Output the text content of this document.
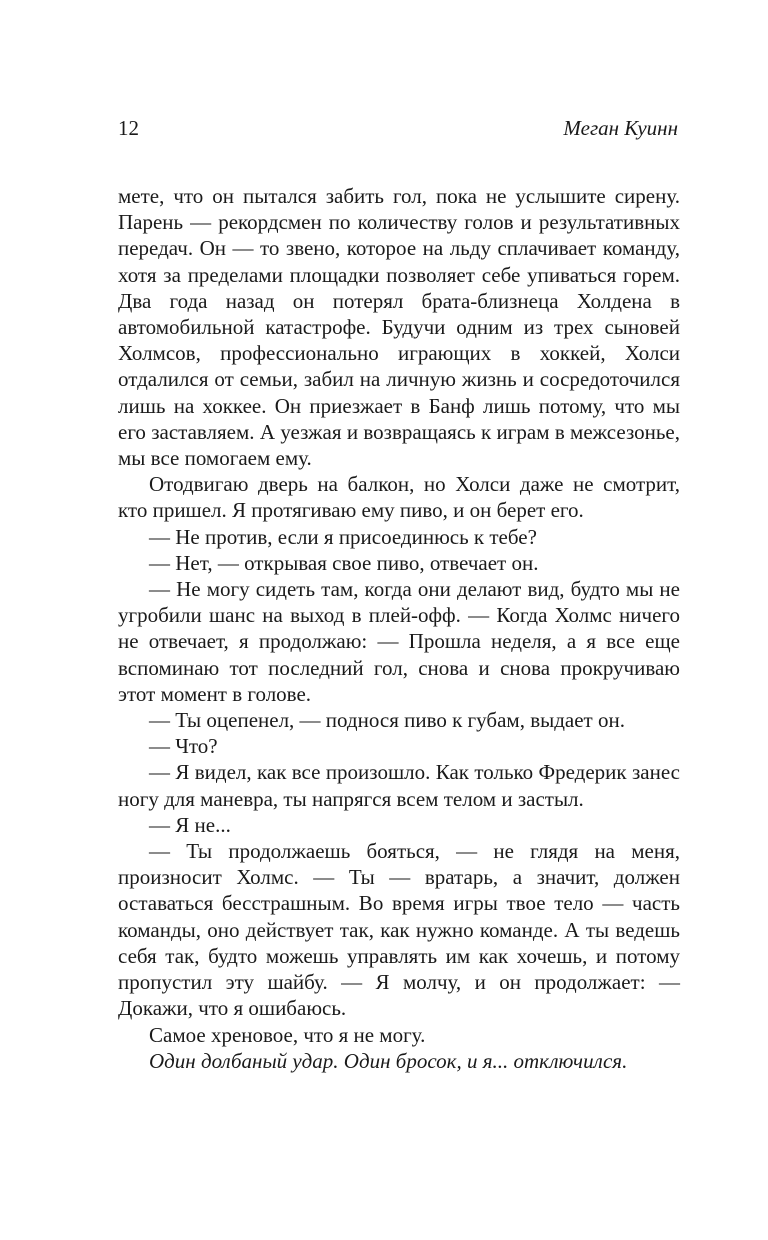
12	Меган Куинн

мете, что он пытался забить гол, пока не услышите сирену. Парень — рекордсмен по количеству голов и результативных передач. Он — то звено, которое на льду сплачивает команду, хотя за пределами площадки позволяет себе упиваться горем. Два года назад он потерял брата-близнеца Холдена в автомобильной катастрофе. Будучи одним из трех сыновей Холмсов, профессионально играющих в хоккей, Холси отдалился от семьи, забил на личную жизнь и сосредоточился лишь на хоккее. Он приезжает в Банф лишь потому, что мы его заставляем. А уезжая и возвращаясь к играм в межсезонье, мы все помогаем ему.

Отодвигаю дверь на балкон, но Холси даже не смотрит, кто пришел. Я протягиваю ему пиво, и он берет его.

— Не против, если я присоединюсь к тебе?

— Нет, — открывая свое пиво, отвечает он.

— Не могу сидеть там, когда они делают вид, будто мы не угробили шанс на выход в плей-офф. — Когда Холмс ничего не отвечает, я продолжаю: — Прошла неделя, а я все еще вспоминаю тот последний гол, снова и снова прокручиваю этот момент в голове.

— Ты оцепенел, — поднося пиво к губам, выдает он.

— Что?

— Я видел, как все произошло. Как только Фредерик занес ногу для маневра, ты напрягся всем телом и застыл.

— Я не...

— Ты продолжаешь бояться, — не глядя на меня, произносит Холмс. — Ты — вратарь, а значит, должен оставаться бесстрашным. Во время игры твое тело — часть команды, оно действует так, как нужно команде. А ты ведешь себя так, будто можешь управлять им как хочешь, и потому пропустил эту шайбу. — Я молчу, и он продолжает: — Докажи, что я ошибаюсь.

Самое хреновое, что я не могу.

Один долбаный удар. Один бросок, и я... отключился.
